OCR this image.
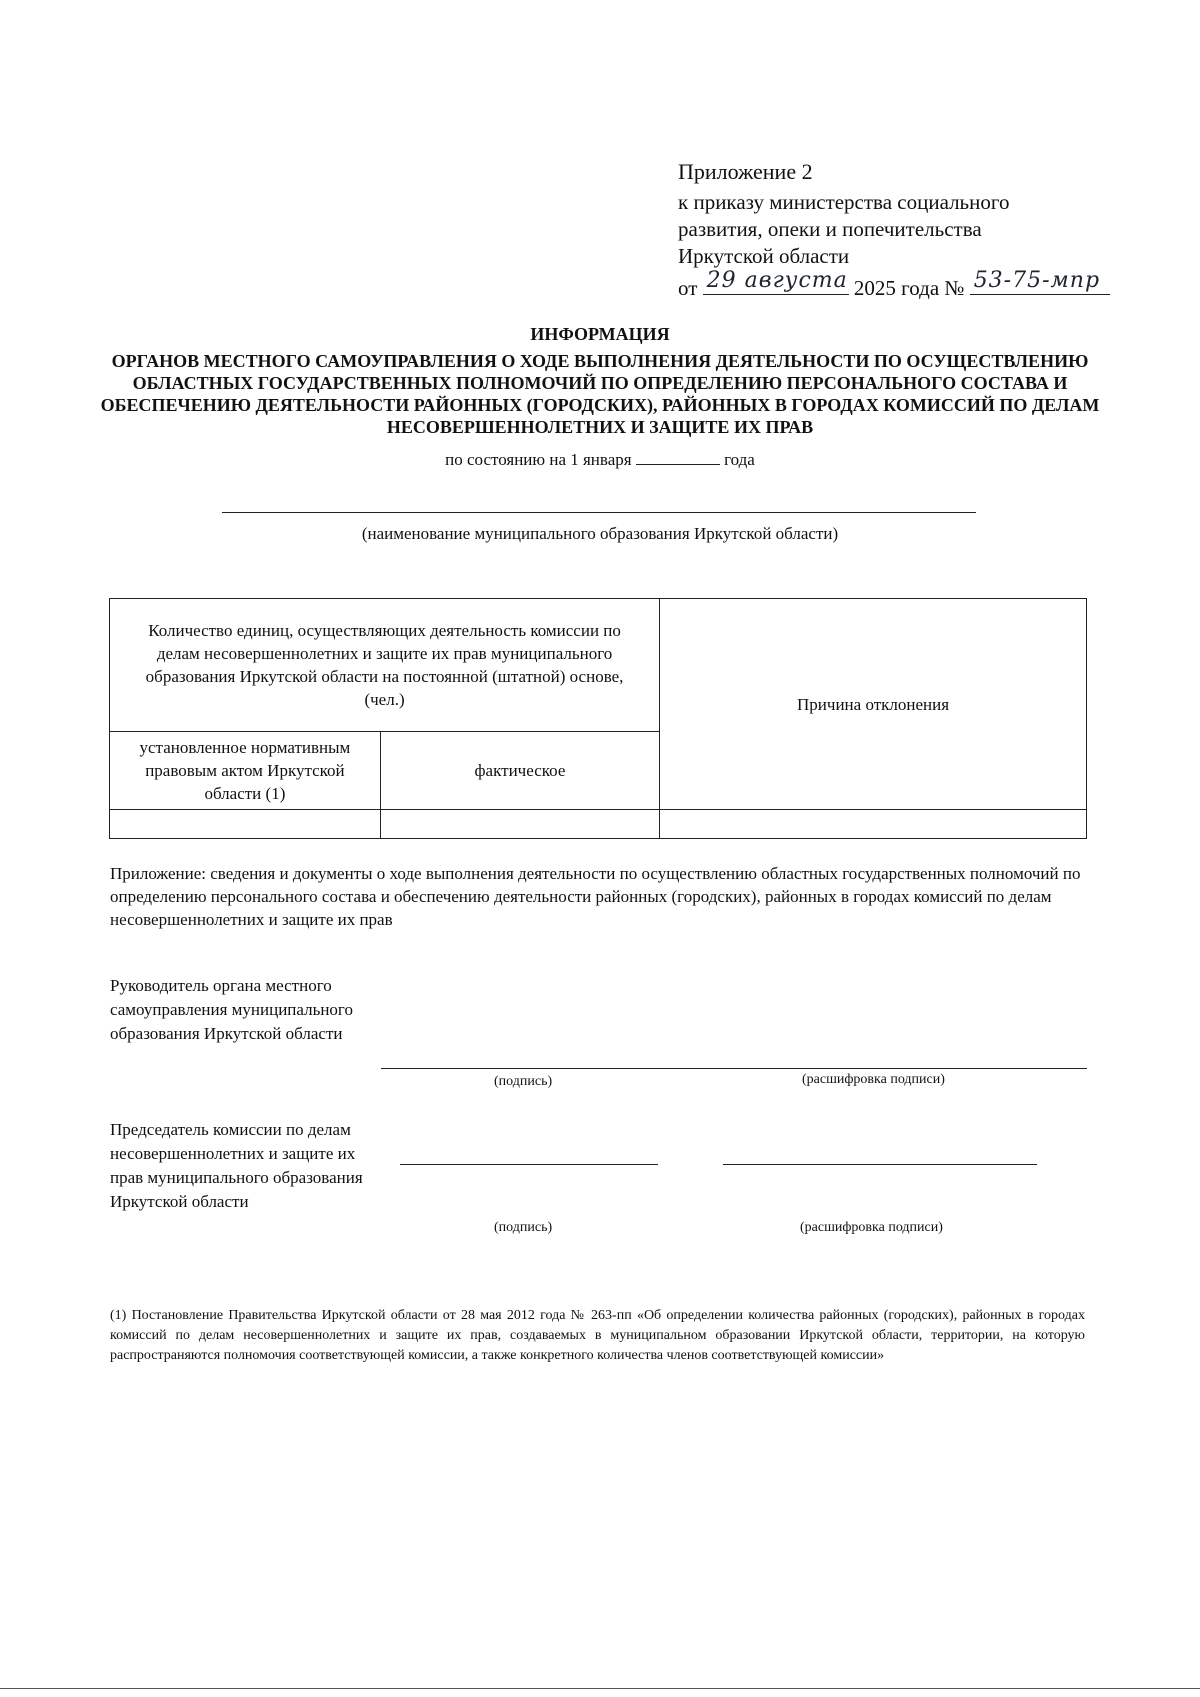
Приложение 2
к приказу министерства социального
развития, опеки и попечительства
Иркутской области
от 29 августа 2025 года № 53-75-мпр
ИНФОРМАЦИЯ
ОРГАНОВ МЕСТНОГО САМОУПРАВЛЕНИЯ О ХОДЕ ВЫПОЛНЕНИЯ ДЕЯТЕЛЬНОСТИ ПО ОСУЩЕСТВЛЕНИЮ ОБЛАСТНЫХ ГОСУДАРСТВЕННЫХ ПОЛНОМОЧИЙ ПО ОПРЕДЕЛЕНИЮ ПЕРСОНАЛЬНОГО СОСТАВА И ОБЕСПЕЧЕНИЮ ДЕЯТЕЛЬНОСТИ РАЙОННЫХ (ГОРОДСКИХ), РАЙОННЫХ В ГОРОДАХ КОМИССИЙ ПО ДЕЛАМ НЕСОВЕРШЕННОЛЕТНИХ И ЗАЩИТЕ ИХ ПРАВ
по состоянию на 1 января	года
(наименование муниципального образования Иркутской области)
Количество единиц, осуществляющих деятельность комиссии по делам несовершеннолетних и защите их прав муниципального образования Иркутской области на постоянной (штатной) основе, (чел.)		Причина отклонения
установленное нормативным правовым актом Иркутской области (1)	фактическое	

Приложение: сведения и документы о ходе выполнения деятельности по осуществлению областных государственных полномочий по определению персонального состава и обеспечению деятельности районных (городских), районных в городах комиссий по делам несовершеннолетних и защите их прав
Руководитель органа местного самоуправления муниципального образования Иркутской области
(подпись)	(расшифровка подписи)
Председатель комиссии по делам несовершеннолетних и защите их прав муниципального образования Иркутской области
(подпись)	(расшифровка подписи)
(1) Постановление Правительства Иркутской области от 28 мая 2012 года № 263-пп «Об определении количества районных (городских), районных в городах комиссий по делам несовершеннолетних и защите их прав, создаваемых в муниципальном образовании Иркутской области, территории, на которую распространяются полномочия соответствующей комиссии, а также конкретного количества членов соответствующей комиссии»
